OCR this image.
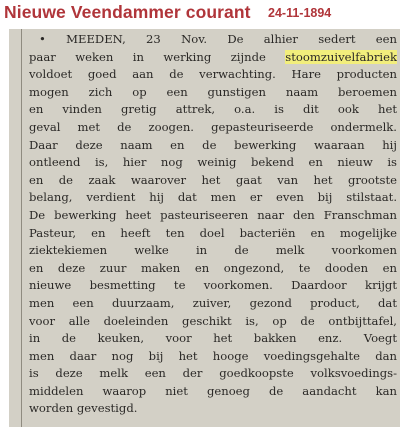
Nieuwe Veendammer courant 24-11-1894
• MEEDEN, 23 Nov. De alhier sedert een
paar weken in werking zijnde stoomzuivelfabriek
voldoet goed aan de verwachting. Hare producten
mogen zich op een gunstigen naam beroemen
en vinden gretig attrek, o.a. is dit ook het
geval met de zoogen. gepasteuriseerde ondermelk.
Daar deze naam en de bewerking waaraan hij
ontleend is, hier nog weinig bekend en nieuw is
en de zaak waarover het gaat van het grootste
belang, verdient hij dat men er even bij stilstaat.
De bewerking heet pasteuriseeren naar den Franschman
Pasteur, en heeft ten doel bacteriën en mogelijke
ziektekiemen welke in de melk voorkomen
en deze zuur maken en ongezond, te dooden en
nieuwe besmetting te voorkomen. Daardoor krijgt
men een duurzaam, zuiver, gezond product, dat
voor alle doeleinden geschikt is, op de ontbijttafel,
in de keuken, voor het bakken enz. Voegt
men daar nog bij het hooge voedingsgehalte dan
is deze melk een der goedkoopste volksvoedings-
middelen waarop niet genoeg de aandacht kan
worden gevestigd.
